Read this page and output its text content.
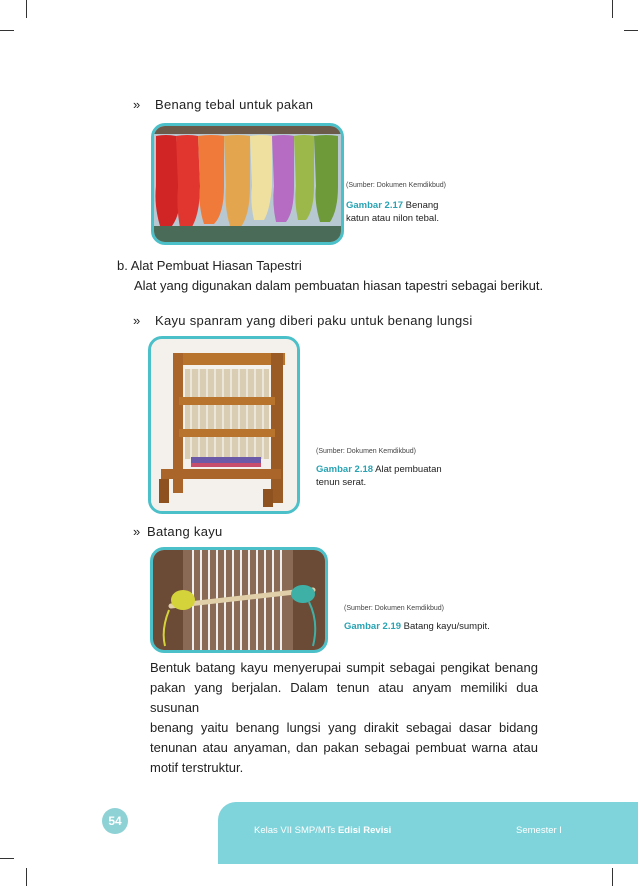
» Benang tebal untuk pakan
(Sumber: Dokumen Kemdikbud)
Gambar 2.17 Benang
katun atau nilon tebal.
b. Alat Pembuat Hiasan Tapestri
Alat yang digunakan dalam pembuatan hiasan tapestri sebagai berikut.
» Kayu spanram yang diberi paku untuk benang lungsi
(Sumber: Dokumen Kemdikbud)
Gambar 2.18 Alat pembuatan
tenun serat.
» Batang kayu
(Sumber: Dokumen Kemdikbud)
Gambar 2.19 Batang kayu/sumpit.
Bentuk batang kayu menyerupai sumpit sebagai pengikat benang
pakan yang berjalan. Dalam tenun atau anyam memiliki dua susunan
benang yaitu benang lungsi yang dirakit sebagai dasar bidang
tenunan atau anyaman, dan pakan sebagai pembuat warna atau
motif terstruktur.
54
Kelas VII SMP/MTs Edisi Revisi	Semester I
